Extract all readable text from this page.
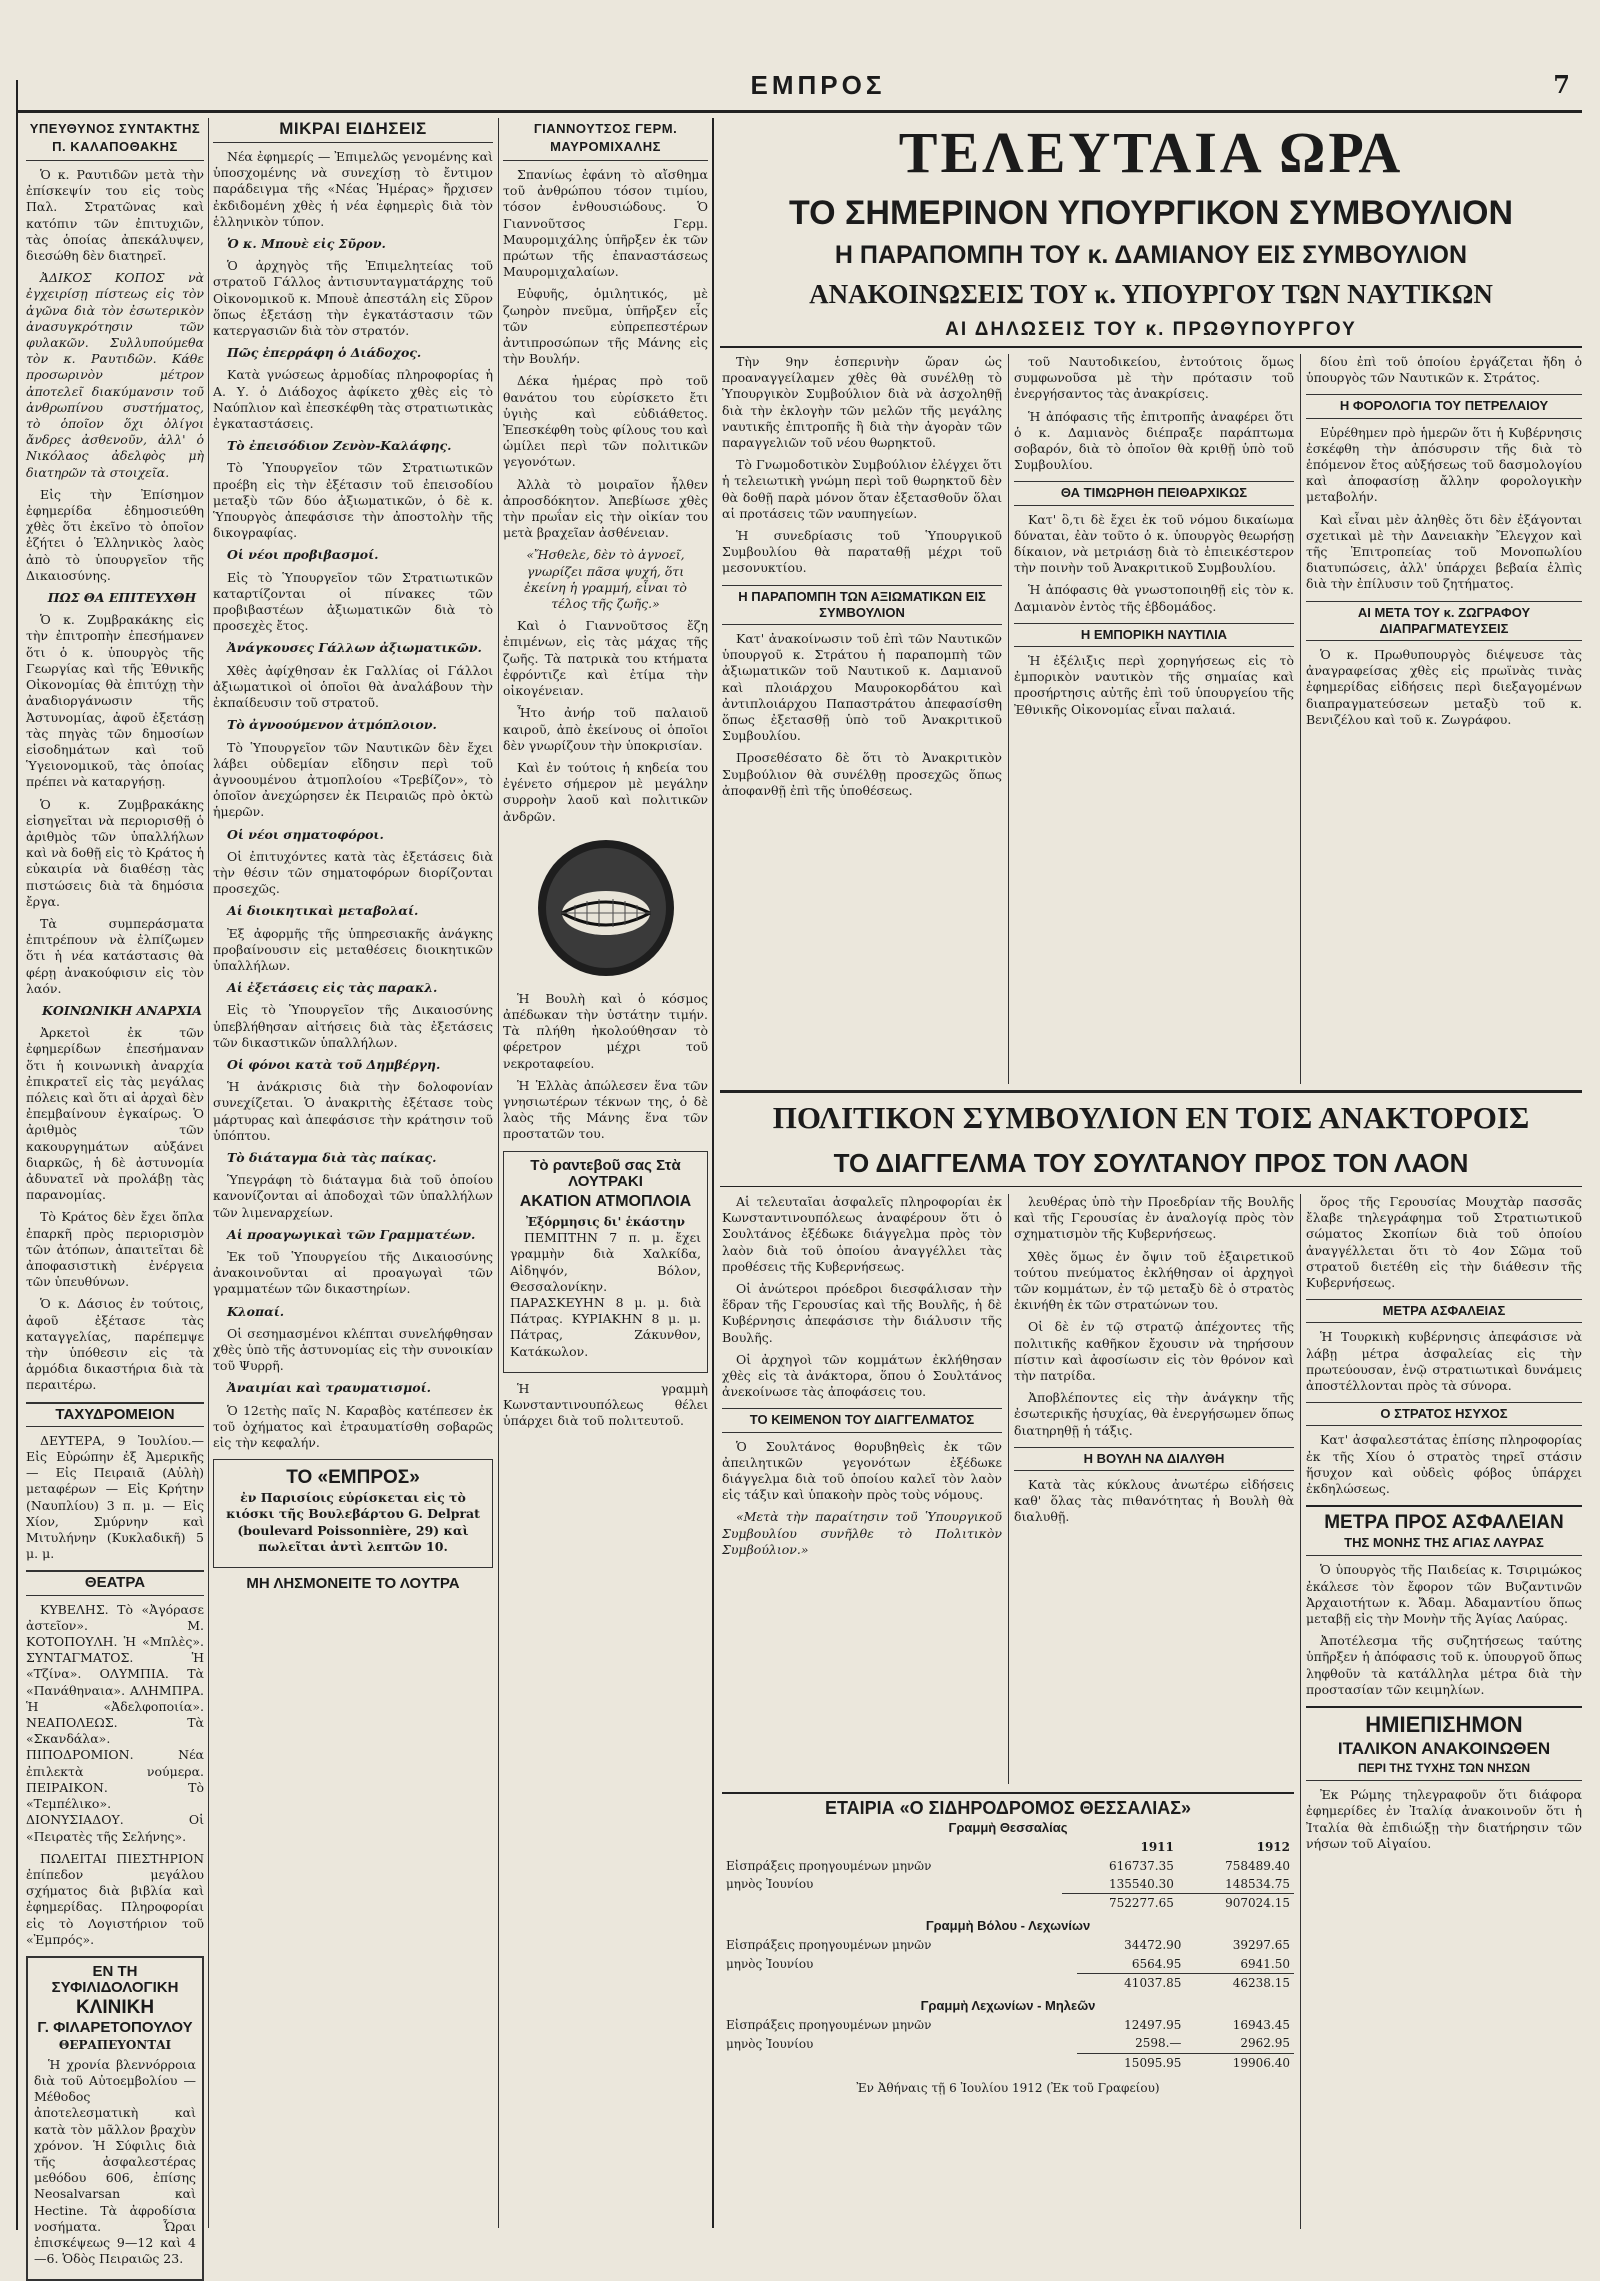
ΕΜΠΡΟΣ	7
ΥΠΕΥΘΥΝΟΣ ΣΥΝΤΑΚΤΗΣ Π. ΚΑΛΑΠΟΘΑΚΗΣ

Ὁ κ. Ραυτιδῶν μετὰ τὴν ἐπίσκεψίν του εἰς τοὺς Παλ. Στρατῶνας καὶ κατόπιν τῶν ἐπιτυχιῶν, τὰς ὁποίας ἀπεκάλυψεν, διεσώθη δὲν διατηρεῖ.

ἈΔΙΚΟΣ ΚΟΠΟΣ νὰ ἐγχειρίσῃ πίστεως εἰς τὸν ἀγῶνα διὰ τὸν ἐσωτερικὸν ἀνασυγκρότησιν τῶν φυλακῶν. Συλλυπούμεθα τὸν κ. Ραυτιδῶν. Κάθε προσωρινὸν μέτρον ἀποτελεῖ διακύμανσιν τοῦ ἀνθρωπίνου συστήματος, τὸ ὁποῖον ὅχι ὀλίγοι ἄνδρες ἀσθενοῦν, ἀλλ' ὁ Νικόλαος ἀδελφὸς μὴ διατηρῶν τὰ στοιχεῖα.

Εἰς τὴν Ἐπίσημον ἐφημερίδα ἐδημοσιεύθη χθὲς ὅτι ἐκεῖνο τὸ ὁποῖον ἐζήτει ὁ Ἑλληνικὸς λαὸς ἀπὸ τὸ ὑπουργεῖον τῆς Δικαιοσύνης.

ΠΩΣ ΘΑ ΕΠΙΤΕΥΧΘΗ

Ὁ κ. Ζυμβρακάκης εἰς τὴν ἐπιτροπὴν ἐπεσήμανεν ὅτι ὁ κ. ὑπουργὸς τῆς Γεωργίας καὶ τῆς Ἐθνικῆς Οἰκονομίας θὰ ἐπιτύχῃ τὴν ἀναδιοργάνωσιν τῆς Ἀστυνομίας, ἀφοῦ ἐξετάσῃ τὰς πηγὰς τῶν δημοσίων εἰσοδημάτων καὶ τοῦ Ὑγειονομικοῦ, τὰς ὁποίας πρέπει νὰ καταργήσῃ.

Ὁ κ. Ζυμβρακάκης εἰσηγεῖται νὰ περιορισθῇ ὁ ἀριθμὸς τῶν ὑπαλλήλων καὶ νὰ δοθῇ εἰς τὸ Κράτος ἡ εὐκαιρία νὰ διαθέσῃ τὰς πιστώσεις διὰ τὰ δημόσια ἔργα.

Τὰ συμπεράσματα ἐπιτρέπουν νὰ ἐλπίζωμεν ὅτι ἡ νέα κατάστασις θὰ φέρῃ ἀνακούφισιν εἰς τὸν λαόν.

ΚΟΙΝΩΝΙΚΗ ΑΝΑΡΧΙΑ

Ἀρκετοὶ ἐκ τῶν ἐφημερίδων ἐπεσήμαναν ὅτι ἡ κοινωνικὴ ἀναρχία ἐπικρατεῖ εἰς τὰς μεγάλας πόλεις καὶ ὅτι αἱ ἀρχαὶ δὲν ἐπεμβαίνουν ἐγκαίρως. Ὁ ἀριθμὸς τῶν κακουργημάτων αὐξάνει διαρκῶς, ἡ δὲ ἀστυνομία ἀδυνατεῖ νὰ προλάβῃ τὰς παρανομίας.

Τὸ Κράτος δὲν ἔχει ὅπλα ἐπαρκῆ πρὸς περιορισμὸν τῶν ἀτόπων, ἀπαιτεῖται δὲ ἀποφασιστικὴ ἐνέργεια τῶν ὑπευθύνων.

Ὁ κ. Δάσιος ἐν τούτοις, ἀφοῦ ἐξέτασε τὰς καταγγελίας, παρέπεμψε τὴν ὑπόθεσιν εἰς τὰ ἁρμόδια δικαστήρια διὰ τὰ περαιτέρω.

ΤΑΧΥΔΡΟΜΕΙΟΝ

ΔΕΥΤΕΡΑ, 9 Ἰουλίου.— Εἰς Εὐρώπην ἐξ Ἀμερικῆς — Εἰς Πειραιᾶ (Αὐλὴ) μεταφέρων — Εἰς Κρήτην (Ναυπλίου) 3 π. μ. — Εἰς Χίον, Σμύρνην καὶ Μιτυλήνην (Κυκλαδικῆ) 5 μ. μ.

ΘΕΑΤΡΑ

ΚΥΒΕΛΗΣ. Τὸ «Ἀγόρασε ἀστεῖον». Μ. ΚΟΤΟΠΟΥΛΗ. Ἡ «Μπλὲς». ΣΥΝΤΑΓΜΑΤΟΣ. Ἡ «Τζίνα». ΟΛΥΜΠΙΑ. Τὰ «Πανάθηναια». ΑΛΗΜΠΡΑ. Ἡ «Ἀδελφοποιία». ΝΕΑΠΟΛΕΩΣ. Τὰ «Σκανδάλα». ΠΙΠΟΔΡΟΜΙΟΝ. Νέα ἐπιλεκτὰ νούμερα. ΠΕΙΡΑΙΚΟΝ. Τὸ «Τεμπέλικο». ΔΙΟΝΥΣΙΑΔΟΥ. Οἱ «Πειρατὲς τῆς Σελήνης».

ΠΩΛΕΙΤΑΙ ΠΙΕΣΤΗΡΙΟΝ ἐπίπεδον μεγάλου σχήματος διὰ βιβλία καὶ ἐφημερίδας. Πληροφορίαι εἰς τὸ Λογιστήριον τοῦ «Ἐμπρός».

ΕΝ ΤΗ ΣΥΦΙΛΙΔΟΛΟΓΙΚΗ
ΚΛΙΝΙΚΗ
Γ. ΦΙΛΑΡΕΤΟΠΟΥΛΟΥ
ΘΕΡΑΠΕΥΟΝΤΑΙ

Ἡ χρονία βλεννόρροια διὰ τοῦ Αὐτοεμβολίου — Μέθοδος ἀποτελεσματικὴ καὶ κατὰ τὸν μᾶλλον βραχὺν χρόνον. Ἡ Σύφιλις διὰ τῆς ἀσφαλεστέρας μεθόδου 606, ἐπίσης Neosalvarsan καὶ Hectine. Τὰ ἀφροδίσια νοσήματα. Ὧραι ἐπισκέψεως 9—12 καὶ 4—6. Ὁδὸς Πειραιῶς 23.

ΜΙΚΡΑΙ ΕΙΔΗΣΕΙΣ

Νέα ἐφημερίς — Ἐπιμελῶς γενομένης καὶ ὑποσχομένης νὰ συνεχίσῃ τὸ ἔντιμον παράδειγμα τῆς «Νέας Ἡμέρας» ἤρχισεν ἐκδιδομένη χθὲς ἡ νέα ἐφημερὶς διὰ τὸν ἑλληνικὸν τύπον.

Ὁ κ. Μπουὲ εἰς Σῦρον.

Ὁ ἀρχηγὸς τῆς Ἐπιμελητείας τοῦ στρατοῦ Γάλλος ἀντισυνταγματάρχης τοῦ Οἰκονομικοῦ κ. Μπουὲ ἀπεστάλη εἰς Σῦρον ὅπως ἐξετάσῃ τὴν ἐγκατάστασιν τῶν κατεργασιῶν διὰ τὸν στρατόν.

Πῶς ἐπερράφη ὁ Διάδοχος.

Κατὰ γνώσεως ἀρμοδίας πληροφορίας ἡ Α. Υ. ὁ Διάδοχος ἀφίκετο χθὲς εἰς τὸ Ναύπλιον καὶ ἐπεσκέφθη τὰς στρατιωτικὰς ἐγκαταστάσεις.

Τὸ ἐπεισόδιον Ζενὸν-Καλάφης.

Τὸ Ὑπουργεῖον τῶν Στρατιωτικῶν προέβη εἰς τὴν ἐξέτασιν τοῦ ἐπεισοδίου μεταξὺ τῶν δύο ἀξιωματικῶν, ὁ δὲ κ. Ὑπουργὸς ἀπεφάσισε τὴν ἀποστολὴν τῆς δικογραφίας.

Οἱ νέοι προβιβασμοί.

Εἰς τὸ Ὑπουργεῖον τῶν Στρατιωτικῶν καταρτίζονται οἱ πίνακες τῶν προβιβαστέων ἀξιωματικῶν διὰ τὸ προσεχὲς ἔτος.

Ἀνάγκουσες Γάλλων ἀξιωματικῶν.

Χθὲς ἀφίχθησαν ἐκ Γαλλίας οἱ Γάλλοι ἀξιωματικοὶ οἱ ὁποῖοι θὰ ἀναλάβουν τὴν ἐκπαίδευσιν τοῦ στρατοῦ.

Τὸ ἀγνοούμενον ἀτμόπλοιον.

Τὸ Ὑπουργεῖον τῶν Ναυτικῶν δὲν ἔχει λάβει οὐδεμίαν εἴδησιν περὶ τοῦ ἀγνοουμένου ἀτμοπλοίου «Τρεβίζον», τὸ ὁποῖον ἀνεχώρησεν ἐκ Πειραιῶς πρὸ ὀκτὼ ἡμερῶν.

Οἱ νέοι σηματοφόροι.

Οἱ ἐπιτυχόντες κατὰ τὰς ἐξετάσεις διὰ τὴν θέσιν τῶν σηματοφόρων διορίζονται προσεχῶς.

Αἱ διοικητικαὶ μεταβολαί.

Ἐξ ἀφορμῆς τῆς ὑπηρεσιακῆς ἀνάγκης προβαίνουσιν εἰς μεταθέσεις διοικητικῶν ὑπαλλήλων.

Αἱ ἐξετάσεις εἰς τὰς παρακλ.

Εἰς τὸ Ὑπουργεῖον τῆς Δικαιοσύνης ὑπεβλήθησαν αἰτήσεις διὰ τὰς ἐξετάσεις τῶν δικαστικῶν ὑπαλλήλων.

Οἱ φόνοι κατὰ τοῦ Δημβέργη.

Ἡ ἀνάκρισις διὰ τὴν δολοφονίαν συνεχίζεται. Ὁ ἀνακριτὴς ἐξέτασε τοὺς μάρτυρας καὶ ἀπεφάσισε τὴν κράτησιν τοῦ ὑπόπτου.

Τὸ διάταγμα διὰ τὰς παίκας.

Ὑπεγράφη τὸ διάταγμα διὰ τοῦ ὁποίου κανονίζονται αἱ ἀποδοχαὶ τῶν ὑπαλλήλων τῶν λιμεναρχείων.

Αἱ προαγωγικαὶ τῶν Γραμματέων.

Ἐκ τοῦ Ὑπουργείου τῆς Δικαιοσύνης ἀνακοινοῦνται αἱ προαγωγαὶ τῶν γραμματέων τῶν δικαστηρίων.

Κλοπαί.

Οἱ σεσημασμένοι κλέπται συνελήφθησαν χθὲς ὑπὸ τῆς ἀστυνομίας εἰς τὴν συνοικίαν τοῦ Ψυρρῆ.

Ἀναιμίαι καὶ τραυματισμοί.

Ὁ 12ετὴς παῖς Ν. Καραβὸς κατέπεσεν ἐκ τοῦ ὀχήματος καὶ ἐτραυματίσθη σοβαρῶς εἰς τὴν κεφαλήν.

ΤΟ «ΕΜΠΡΟΣ»

ἐν Παρισίοις εὑρίσκεται εἰς τὸ κιόσκι τῆς Βουλεβάρτου G. Delprat (boulevard Poissonnière, 29) καὶ πωλεῖται ἀντὶ λεπτῶν 10.

ΜΗ ΛΗΣΜΟΝΕΙΤΕ ΤΟ ΛΟΥΤΡΑ
ΓΙΑΝΝΟΥΤΣΟΣ ΓΕΡΜ. ΜΑΥΡΟΜΙΧΑΛΗΣ

Σπανίως ἐφάνη τὸ αἴσθημα τοῦ ἀνθρώπου τόσον τιμίου, τόσον ἐνθουσιώδους. Ὁ Γιαννοῦτσος Γερμ. Μαυρομιχάλης ὑπῆρξεν ἐκ τῶν πρώτων τῆς ἐπαναστάσεως Μαυρομιχαλαίων.

Εὐφυῆς, ὁμιλητικός, μὲ ζωηρὸν πνεῦμα, ὑπῆρξεν εἷς τῶν εὐπρεπεστέρων ἀντιπροσώπων τῆς Μάνης εἰς τὴν Βουλήν.

Δέκα ἡμέρας πρὸ τοῦ θανάτου του εὑρίσκετο ἔτι ὑγιὴς καὶ εὐδιάθετος. Ἐπεσκέφθη τοὺς φίλους του καὶ ὡμίλει περὶ τῶν πολιτικῶν γεγονότων.

Ἀλλὰ τὸ μοιραῖον ἦλθεν ἀπροσδόκητον. Ἀπεβίωσε χθὲς τὴν πρωΐαν εἰς τὴν οἰκίαν του μετὰ βραχεῖαν ἀσθένειαν.

«Ἤσθελε, δὲν τὸ ἀγνοεῖ, γνωρίζει πᾶσα ψυχή, ὅτι ἐκείνη ἡ γραμμή, εἶναι τὸ τέλος τῆς ζωῆς.»

Καὶ ὁ Γιαννοῦτσος ἔζη ἐπιμένων, εἰς τὰς μάχας τῆς ζωῆς. Τὰ πατρικὰ του κτήματα ἐφρόντιζε καὶ ἐτίμα τὴν οἰκογένειαν.

Ἦτο ἀνήρ τοῦ παλαιοῦ καιροῦ, ἀπὸ ἐκείνους οἱ ὁποῖοι δὲν γνωρίζουν τὴν ὑποκρισίαν.

Καὶ ἐν τούτοις ἡ κηδεία του ἐγένετο σήμερον μὲ μεγάλην συρροὴν λαοῦ καὶ πολιτικῶν ἀνδρῶν.

Ἡ Βουλὴ καὶ ὁ κόσμος ἀπέδωκαν τὴν ὑστάτην τιμήν. Τὰ πλήθη ἠκολούθησαν τὸ φέρετρον μέχρι τοῦ νεκροταφείου.

Ἡ Ἑλλὰς ἀπώλεσεν ἕνα τῶν γνησιωτέρων τέκνων της, ὁ δὲ λαὸς τῆς Μάνης ἕνα τῶν προστατῶν του.

Τὸ ραντεβοῦ σας Στὰ ΛΟΥΤΡΑΚΙ
ΑΚΑΤΙΟΝ ΑΤΜΟΠΛΟΙΑ
Ἐξόρμησις δι' ἑκάστην

ΠΕΜΠΤΗΝ 7 π. μ. ἔχει γραμμὴν διὰ Χαλκίδα, Αἰδηψόν, Βόλον, Θεσσαλονίκην. ΠΑΡΑΣΚΕΥΗΝ 8 μ. μ. διὰ Πάτρας. ΚΥΡΙΑΚΗΝ 8 μ. μ. Πάτρας, Ζάκυνθον, Κατάκωλον.

Ἡ γραμμὴ Κωνσταντινουπόλεως θέλει ὑπάρχει διὰ τοῦ πολιτευτοῦ.

ΤΕΛΕΥΤΑΙΑ ΩΡΑ
ΤΟ ΣΗΜΕΡΙΝΟΝ ΥΠΟΥΡΓΙΚΟΝ ΣΥΜΒΟΥΛΙΟΝ
Η ΠΑΡΑΠΟΜΠΗ ΤΟΥ κ. ΔΑΜΙΑΝΟΥ ΕΙΣ ΣΥΜΒΟΥΛΙΟΝ
ΑΝΑΚΟΙΝΩΣΕΙΣ ΤΟΥ κ. ΥΠΟΥΡΓΟΥ ΤΩΝ ΝΑΥΤΙΚΩΝ
ΑΙ ΔΗΛΩΣΕΙΣ ΤΟΥ κ. ΠΡΩΘΥΠΟΥΡΓΟΥ

Τὴν 9ην ἑσπερινὴν ὥραν ὡς προαναγγείλαμεν χθὲς θὰ συνέλθῃ τὸ Ὑπουργικὸν Συμβούλιον διὰ νὰ ἀσχοληθῇ διὰ τὴν ἐκλογὴν τῶν μελῶν τῆς μεγάλης ναυτικῆς ἐπιτροπῆς ἢ διὰ τὴν ἀγορὰν τῶν παραγγελιῶν τοῦ νέου θωρηκτοῦ.

Τὸ Γνωμοδοτικὸν Συμβούλιον ἐλέγχει ὅτι ἡ τελειωτικὴ γνώμη περὶ τοῦ θωρηκτοῦ δὲν θὰ δοθῇ παρὰ μόνον ὅταν ἐξετασθοῦν ὅλαι αἱ προτάσεις τῶν ναυπηγείων.

Ἡ συνεδρίασις τοῦ Ὑπουργικοῦ Συμβουλίου θὰ παραταθῇ μέχρι τοῦ μεσονυκτίου.

Η ΠΑΡΑΠΟΜΠΗ ΤΩΝ ΑΞΙΩΜΑΤΙΚΩΝ ΕΙΣ ΣΥΜΒΟΥΛΙΟΝ

Κατ' ἀνακοίνωσιν τοῦ ἐπὶ τῶν Ναυτικῶν ὑπουργοῦ κ. Στράτου ἡ παραπομπὴ τῶν ἀξιωματικῶν τοῦ Ναυτικοῦ κ. Δαμιανοῦ καὶ πλοιάρχου Μαυροκορδάτου καὶ ἀντιπλοιάρχου Παπαστράτου ἀπεφασίσθη ὅπως ἐξετασθῇ ὑπὸ τοῦ Ἀνακριτικοῦ Συμβουλίου.

Προσεθέσατο δὲ ὅτι τὸ Ἀνακριτικὸν Συμβούλιον θὰ συνέλθῃ προσεχῶς ὅπως ἀποφανθῇ ἐπὶ τῆς ὑποθέσεως.

τοῦ Ναυτοδικείου, ἐντούτοις ὅμως συμφωνοῦσα μὲ τὴν πρότασιν τοῦ ἐνεργήσαντος τὰς ἀνακρίσεις.

Ἡ ἀπόφασις τῆς ἐπιτροπῆς ἀναφέρει ὅτι ὁ κ. Δαμιανὸς διέπραξε παράπτωμα σοβαρόν, διὰ τὸ ὁποῖον θὰ κριθῇ ὑπὸ τοῦ Συμβουλίου.

ΘΑ ΤΙΜΩΡΗΘΗ ΠΕΙΘΑΡΧΙΚΩΣ

Κατ' ὃ,τι δὲ ἔχει ἐκ τοῦ νόμου δικαίωμα δύναται, ἐὰν τοῦτο ὁ κ. ὑπουργὸς θεωρήσῃ δίκαιον, νὰ μετριάσῃ διὰ τὸ ἐπιεικέστερον τὴν ποινὴν τοῦ Ἀνακριτικοῦ Συμβουλίου.

Ἡ ἀπόφασις θὰ γνωστοποιηθῇ εἰς τὸν κ. Δαμιανὸν ἐντὸς τῆς ἑβδομάδος.

Η ΕΜΠΟΡΙΚΗ ΝΑΥΤΙΛΙΑ

Ἡ ἐξέλιξις περὶ χορηγήσεως εἰς τὸ ἐμπορικὸν ναυτικὸν τῆς σημαίας καὶ προσήρτησις αὐτῆς ἐπὶ τοῦ ὑπουργείου τῆς Ἐθνικῆς Οἰκονομίας εἶναι παλαιά.

δίου ἐπὶ τοῦ ὁποίου ἐργάζεται ἤδη ὁ ὑπουργὸς τῶν Ναυτικῶν κ. Στράτος.

Η ΦΟΡΟΛΟΓΙΑ ΤΟΥ ΠΕΤΡΕΛΑΙΟΥ

Εὑρέθημεν πρὸ ἡμερῶν ὅτι ἡ Κυβέρνησις ἐσκέφθη τὴν ἀπόσυρσιν τῆς διὰ τὸ ἑπόμενον ἔτος αὐξήσεως τοῦ δασμολογίου καὶ ἀποφασίσῃ ἄλλην φορολογικὴν μεταβολήν.

Καὶ εἶναι μὲν ἀληθὲς ὅτι δὲν ἐξάγονται σχετικαὶ μὲ τὴν Δανειακὴν Ἔλεγχον καὶ τῆς Ἐπιτροπείας τοῦ Μονοπωλίου διατυπώσεις, ἀλλ' ὑπάρχει βεβαία ἐλπὶς διὰ τὴν ἐπίλυσιν τοῦ ζητήματος.

ΑΙ ΜΕΤΑ ΤΟΥ κ. ΖΩΓΡΑΦΟΥ ΔΙΑΠΡΑΓΜΑΤΕΥΣΕΙΣ

Ὁ κ. Πρωθυπουργὸς διέψευσε τὰς ἀναγραφείσας χθὲς εἰς πρωϊνὰς τινὰς ἐφημερίδας εἰδήσεις περὶ διεξαγομένων διαπραγματεύσεων μεταξὺ τοῦ κ. Βενιζέλου καὶ τοῦ κ. Ζωγράφου.

ΠΟΛΙΤΙΚΟΝ ΣΥΜΒΟΥΛΙΟΝ ΕΝ ΤΟΙΣ ΑΝΑΚΤΟΡΟΙΣ
ΤΟ ΔΙΑΓΓΕΛΜΑ ΤΟΥ ΣΟΥΛΤΑΝΟΥ ΠΡΟΣ ΤΟΝ ΛΑΟΝ

Αἱ τελευταῖαι ἀσφαλεῖς πληροφορίαι ἐκ Κωνσταντινουπόλεως ἀναφέρουν ὅτι ὁ Σουλτάνος ἐξέδωκε διάγγελμα πρὸς τὸν λαὸν διὰ τοῦ ὁποίου ἀναγγέλλει τὰς προθέσεις τῆς Κυβερνήσεως.

Οἱ ἀνώτεροι πρόεδροι διεσφάλισαν τὴν ἕδραν τῆς Γερουσίας καὶ τῆς Βουλῆς, ἡ δὲ Κυβέρνησις ἀπεφάσισε τὴν διάλυσιν τῆς Βουλῆς.

Οἱ ἀρχηγοὶ τῶν κομμάτων ἐκλήθησαν χθὲς εἰς τὰ ἀνάκτορα, ὅπου ὁ Σουλτάνος ἀνεκοίνωσε τὰς ἀποφάσεις του.

ΤΟ ΚΕΙΜΕΝΟΝ ΤΟΥ ΔΙΑΓΓΕΛΜΑΤΟΣ

Ὁ Σουλτάνος θορυβηθεὶς ἐκ τῶν ἀπειλητικῶν γεγονότων ἐξέδωκε διάγγελμα διὰ τοῦ ὁποίου καλεῖ τὸν λαὸν εἰς τάξιν καὶ ὑπακοὴν πρὸς τοὺς νόμους.

«Μετὰ τὴν παραίτησιν τοῦ Ὑπουργικοῦ Συμβουλίου συνῆλθε τὸ Πολιτικὸν Συμβούλιον.»

λευθέρας ὑπὸ τὴν Προεδρίαν τῆς Βουλῆς καὶ τῆς Γερουσίας ἐν ἀναλογίᾳ πρὸς τὸν σχηματισμὸν τῆς Κυβερνήσεως.

Χθὲς ὅμως ἐν ὄψιν τοῦ ἐξαιρετικοῦ τούτου πνεύματος ἐκλήθησαν οἱ ἀρχηγοὶ τῶν κομμάτων, ἐν τῷ μεταξὺ δὲ ὁ στρατὸς ἐκινήθη ἐκ τῶν στρατώνων του.

Οἱ δὲ ἐν τῷ στρατῷ ἀπέχοντες τῆς πολιτικῆς καθῆκον ἔχουσιν νὰ τηρήσουν πίστιν καὶ ἀφοσίωσιν εἰς τὸν θρόνον καὶ τὴν πατρίδα.

Ἀποβλέποντες εἰς τὴν ἀνάγκην τῆς ἐσωτερικῆς ἡσυχίας, θὰ ἐνεργήσωμεν ὅπως διατηρηθῇ ἡ τάξις.

Η ΒΟΥΛΗ ΝΑ ΔΙΑΛΥΘΗ

Κατὰ τὰς κύκλους ἀνωτέρω εἰδήσεις καθ' ὅλας τὰς πιθανότητας ἡ Βουλὴ θὰ διαλυθῇ.

ΕΤΑΙΡΙΑ «Ο ΣΙΔΗΡΟΔΡΟΜΟΣ ΘΕΣΣΑΛΙΑΣ»
Γραμμὴ Θεσσαλίας
	1911	1912
Εἰσπράξεις προηγουμένων μηνῶν	616737.35	758489.40
μηνὸς Ἰουνίου	135540.30	148534.75
	752277.65	907024.15
Γραμμὴ Βόλου - Λεχωνίων
Εἰσπράξεις προηγουμένων μηνῶν	34472.90	39297.65
μηνὸς Ἰουνίου	6564.95	6941.50
	41037.85	46238.15
Γραμμὴ Λεχωνίων - Μηλεῶν
Εἰσπράξεις προηγουμένων μηνῶν	12497.95	16943.45
μηνὸς Ἰουνίου	2598.—	2962.95
	15095.95	19906.40
Ἐν Ἀθήναις τῇ 6 Ἰουλίου 1912 (Ἐκ τοῦ Γραφείου)

ὅρος τῆς Γερουσίας Μουχτὰρ πασσᾶς ἔλαβε τηλεγράφημα τοῦ Στρατιωτικοῦ σώματος Σκοπίων διὰ τοῦ ὁποίου ἀναγγέλλεται ὅτι τὸ 4ον Σῶμα τοῦ στρατοῦ διετέθη εἰς τὴν διάθεσιν τῆς Κυβερνήσεως.

ΜΕΤΡΑ ΑΣΦΑΛΕΙΑΣ

Ἡ Τουρκικὴ κυβέρνησις ἀπεφάσισε νὰ λάβῃ μέτρα ἀσφαλείας εἰς τὴν πρωτεύουσαν, ἐνῷ στρατιωτικαὶ δυνάμεις ἀποστέλλονται πρὸς τὰ σύνορα.

Ο ΣΤΡΑΤΟΣ ΗΣΥΧΟΣ

Κατ' ἀσφαλεστάτας ἐπίσης πληροφορίας ἐκ τῆς Χίου ὁ στρατὸς τηρεῖ στάσιν ἥσυχον καὶ οὐδεὶς φόβος ὑπάρχει ἐκδηλώσεως.

ΜΕΤΡΑ ΠΡΟΣ ΑΣΦΑΛΕΙΑΝ
ΤΗΣ ΜΟΝΗΣ ΤΗΣ ΑΓΙΑΣ ΛΑΥΡΑΣ

Ὁ ὑπουργὸς τῆς Παιδείας κ. Τσιριμώκος ἐκάλεσε τὸν ἔφορον τῶν Βυζαντινῶν Ἀρχαιοτήτων κ. Ἄδαμ. Ἀδαμαντίου ὅπως μεταβῇ εἰς τὴν Μονὴν τῆς Ἁγίας Λαύρας.

Ἀποτέλεσμα τῆς συζητήσεως ταύτης ὑπῆρξεν ἡ ἀπόφασις τοῦ κ. ὑπουργοῦ ὅπως ληφθοῦν τὰ κατάλληλα μέτρα διὰ τὴν προστασίαν τῶν κειμηλίων.

ΗΜΙΕΠΙΣΗΜΟΝ
ΙΤΑΛΙΚΟΝ ΑΝΑΚΟΙΝΩΘΕΝ
ΠΕΡΙ ΤΗΣ ΤΥΧΗΣ ΤΩΝ ΝΗΣΩΝ

Ἐκ Ρώμης τηλεγραφοῦν ὅτι διάφορα ἐφημερίδες ἐν Ἰταλίᾳ ἀνακοινοῦν ὅτι ἡ Ἰταλία θὰ ἐπιδιώξῃ τὴν διατήρησιν τῶν νήσων τοῦ Αἰγαίου.
